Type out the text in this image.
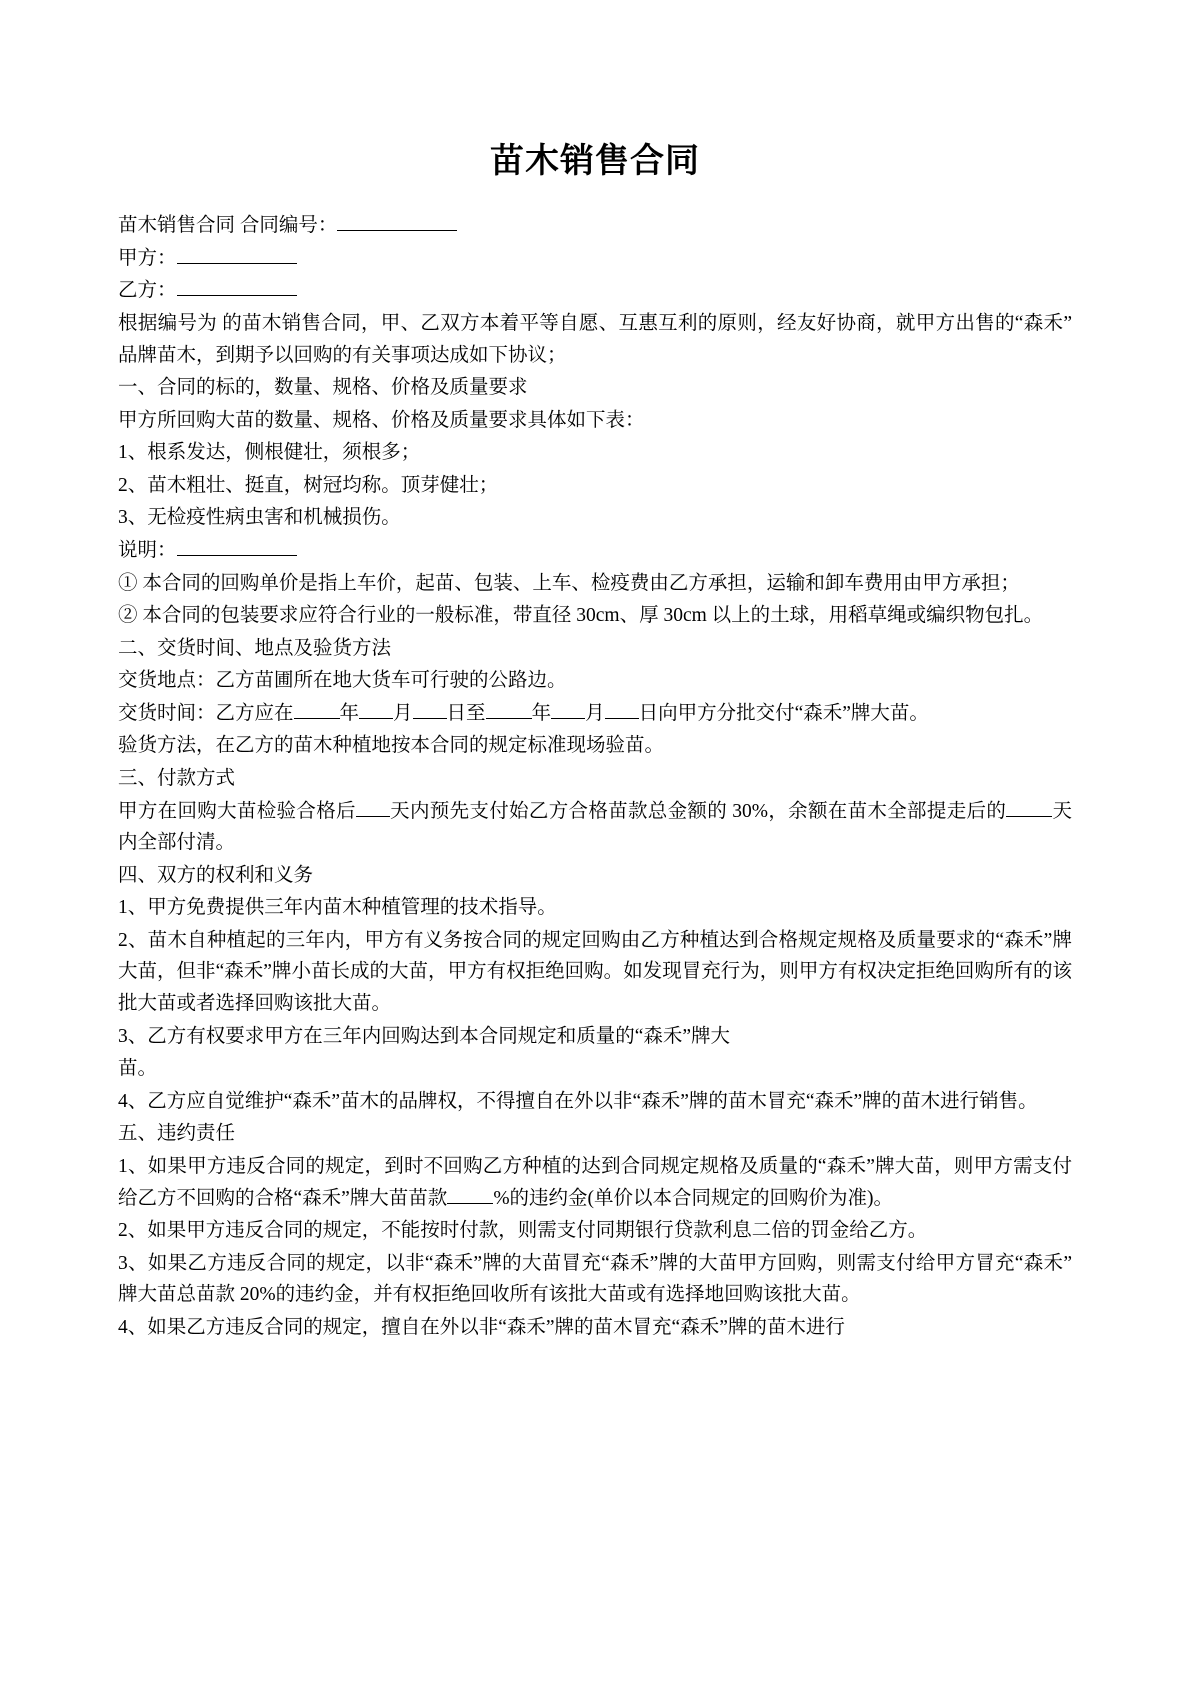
苗木销售合同
苗木销售合同 合同编号：
甲方：
乙方：
根据编号为 的苗木销售合同，甲、乙双方本着平等自愿、互惠互利的原则，经友好协商，就甲方出售的“森禾”品牌苗木，到期予以回购的有关事项达成如下协议；
一、合同的标的，数量、规格、价格及质量要求
甲方所回购大苗的数量、规格、价格及质量要求具体如下表：
1、根系发达，侧根健壮，须根多；
2、苗木粗壮、挺直，树冠均称。顶芽健壮；
3、无检疫性病虫害和机械损伤。
说明：
① 本合同的回购单价是指上车价，起苗、包装、上车、检疫费由乙方承担，运输和卸车费用由甲方承担；
② 本合同的包装要求应符合行业的一般标准，带直径 30cm、厚 30cm 以上的土球，用稻草绳或编织物包扎。
二、交货时间、地点及验货方法
交货地点：乙方苗圃所在地大货车可行驶的公路边。
交货时间：乙方应在 年 月 日至 年 月 日向甲方分批交付“森禾”牌大苗。
验货方法，在乙方的苗木种植地按本合同的规定标准现场验苗。
三、付款方式
甲方在回购大苗检验合格后 天内预先支付始乙方合格苗款总金额的 30%，余额在苗木全部提走后的 天内全部付清。
四、双方的权利和义务
1、甲方免费提供三年内苗木种植管理的技术指导。
2、苗木自种植起的三年内，甲方有义务按合同的规定回购由乙方种植达到合格规定规格及质量要求的“森禾”牌大苗，但非“森禾”牌小苗长成的大苗，甲方有权拒绝回购。如发现冒充行为，则甲方有权决定拒绝回购所有的该批大苗或者选择回购该批大苗。
3、乙方有权要求甲方在三年内回购达到本合同规定和质量的“森禾”牌大
苗。
4、乙方应自觉维护“森禾”苗木的品牌权，不得擅自在外以非“森禾”牌的苗木冒充“森禾”牌的苗木进行销售。
五、违约责任
1、如果甲方违反合同的规定，到时不回购乙方种植的达到合同规定规格及质量的“森禾”牌大苗，则甲方需支付给乙方不回购的合格“森禾”牌大苗苗款 %的违约金(单价以本合同规定的回购价为准)。
2、如果甲方违反合同的规定，不能按时付款，则需支付同期银行贷款利息二倍的罚金给乙方。
3、如果乙方违反合同的规定，以非“森禾”牌的大苗冒充“森禾”牌的大苗甲方回购，则需支付给甲方冒充“森禾”牌大苗总苗款 20%的违约金，并有权拒绝回收所有该批大苗或有选择地回购该批大苗。
4、如果乙方违反合同的规定，擅自在外以非“森禾”牌的苗木冒充“森禾”牌的苗木进行
